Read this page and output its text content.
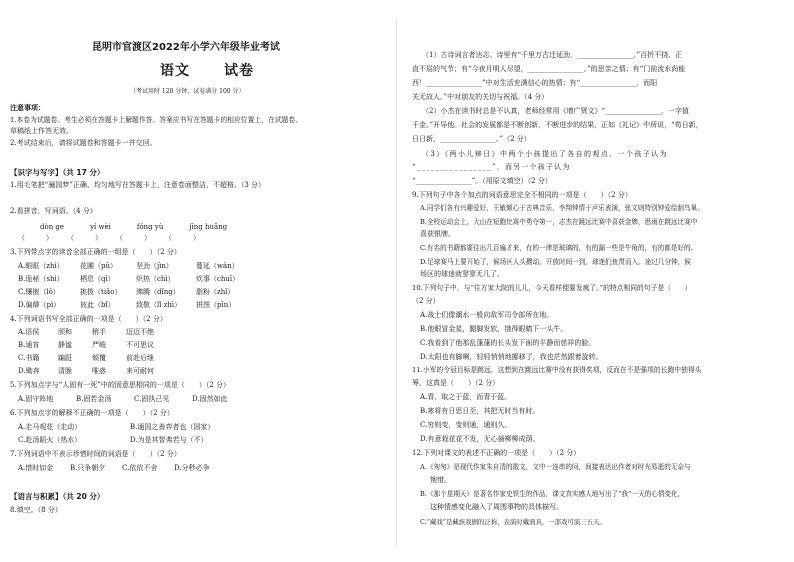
昆明市官渡区2022年小学六年级毕业考试
语文 试卷
（考试用时 120 分钟，试卷满分 100 分）
注意事项：
1.本卷为试题卷。考生必须在答题卡上解题作答。答案应书写在答题卡的相应位置上，在试题卷、
草稿纸上作答无效。
2.考试结束后，请将试题卷和答题卡一并交回。
【识字与写字】（共 17 分）
1.用毛笔把“骊园梦”正确、均匀地写在答题卡上，注意卷面整洁，不超格。（3 分）
2.看拼音，写词语。（4 分）
dòn ge	yí wèi	fóng yù	jīng huǎng
（　　　） （　　　） （　　　） （　　　）
3.下列带点字的读音全部正确的一组是（　　）（2 分）
A.眼眶（zhì）	花圃（pǔ）	坚劲（jìn）	蔓延（wàn）
B.诡秘（shì）	栖息（qī）	炽热（chì）	炊事（chuī）
C.镶嵌（lǒ）	挑拨（tiǎo）	沸腾（dǐng）	脂粉（zhī）
D.偏僻（pì）	彼此（bǐ）	致敬（lǐ zhì）	拼图（pīn）
4.下列词语书写全部正确的一项是（　　）（2 分）
A.语侯	颀和	稍手	迈迈不绝
B.通宵	静谧	严峻	不可思议
C.书籍	蹁跹	倾覆	前赴后继
D.锄奔	清脆	唯惑	来可耐何
5.下列加点字与“人固有一死”中的固意思相同的一项是（　　）（2 分）
A.固守阵地	B.固若金汤	C.固执己见	D.固然如此
6.下列加点字的解释不正确的一项是（　　）（2 分）
A.走马观花（走动）	B.通国之善弈者也（国家）
C.赴汤蹈火（热水）	D.为是其智弗若与（不）
7.下列词语中不表示珍惜时间的词语是（　　）（2 分）
A.惜时如金	B.只争朝夕	C.依依不舍	D.分秒必争
【语言与积累】（共 20 分）
8.填空。（8 分）
（1）古诗词言者达志。诗里有“千里万古迁延劲，________________。”百折不挠、正
直不屈的气节；有“今夜月明人尽望，________________。”的思亲之情；有“门前流水尚能
西！________________”中对生活充满信心的热情；有“________________，而阳
关无故人。”中对朋友的关切与祝福。（4 分）
（2）小杰在读书时总是不认真，老师经常用《增广贤文》“________________，一字值
千金。”开导他。社会的发展都是不断创新，不断进步的结果，正如《礼记》中所说，“苟日新，
日日新，________________。”（2 分）
（3）《两小儿辩日》中两个小孩提出了各自的观点，一个孩子认为
“________________”，而另一个孩子认为
“________________”。（用原文填空）（2 分）
9.下列句子中各个加点的词语意思完全不相同的一项是（　　）（2 分）
A.同学们各有兴趣爱好，王敏倾心于古典音乐，李翔钟情于声乐表演，张文则特别钟爱绘制鸟巢。
B.全校运动会上，大山在短跑比赛中勇夺第一，志杰在跳远比赛中喜获金牌，思雨在跳远比赛中
喜获银牌。
C.有名的书籍都要往出几百遍才来，有的一律是玻璃的，有的漏一些是牛角的，有的都是好的。
D.足球赛马上要开始了，候场区人头攒动。开放时间一到，球迷们鱼贯而入。途过几分钟，候
场区的球迷就寥寥无几了。
10.下列句子中，与“住方家大院的儿儿，今天看样便要发疯了。”的特点相同的句子是（　　）
（2 分）
A.战士们像潮水一般向敌军司令部所在地。
B.他眼冒金星，腿脚发软，饿得眼睛下一头牛。
C.我看到了他那乱蓬蓬的长头发下面的平静而慈祥的脸。
D.太阳也有脚啊，轻轻悄悄地挪移了，我也茫然跟着旋转。
11.小军的令冠目标是跳远，这想到在跳远比赛中没有获得奖项，反而在不是强项的长跑中独得头
筹，这真是（　　）（2 分）
A.青，取之于蓝，而青于蓝。
B.寒将有日思日至，其把无时当有时。
C.穷则变，变则通，通则久。
D.有意栽花花不发，无心插柳柳成荫。
12.下列对课文的表述不正确的一项是（　　）（2 分）
A.《匆匆》是现代作家朱自清的散文，文中一连串的问，间接表达出作者对时光易逝的无奈与
惋惜。
B.《那个星期天》是著名作家史铁生的作品，课文真实感人地写出了“我”一天的心情变化，
这种情感变化融入了周围事物的具体描写。
C.“藏戏”是藏族戏剧的泛称，表演时戴面具，一部戏可演三五天。
